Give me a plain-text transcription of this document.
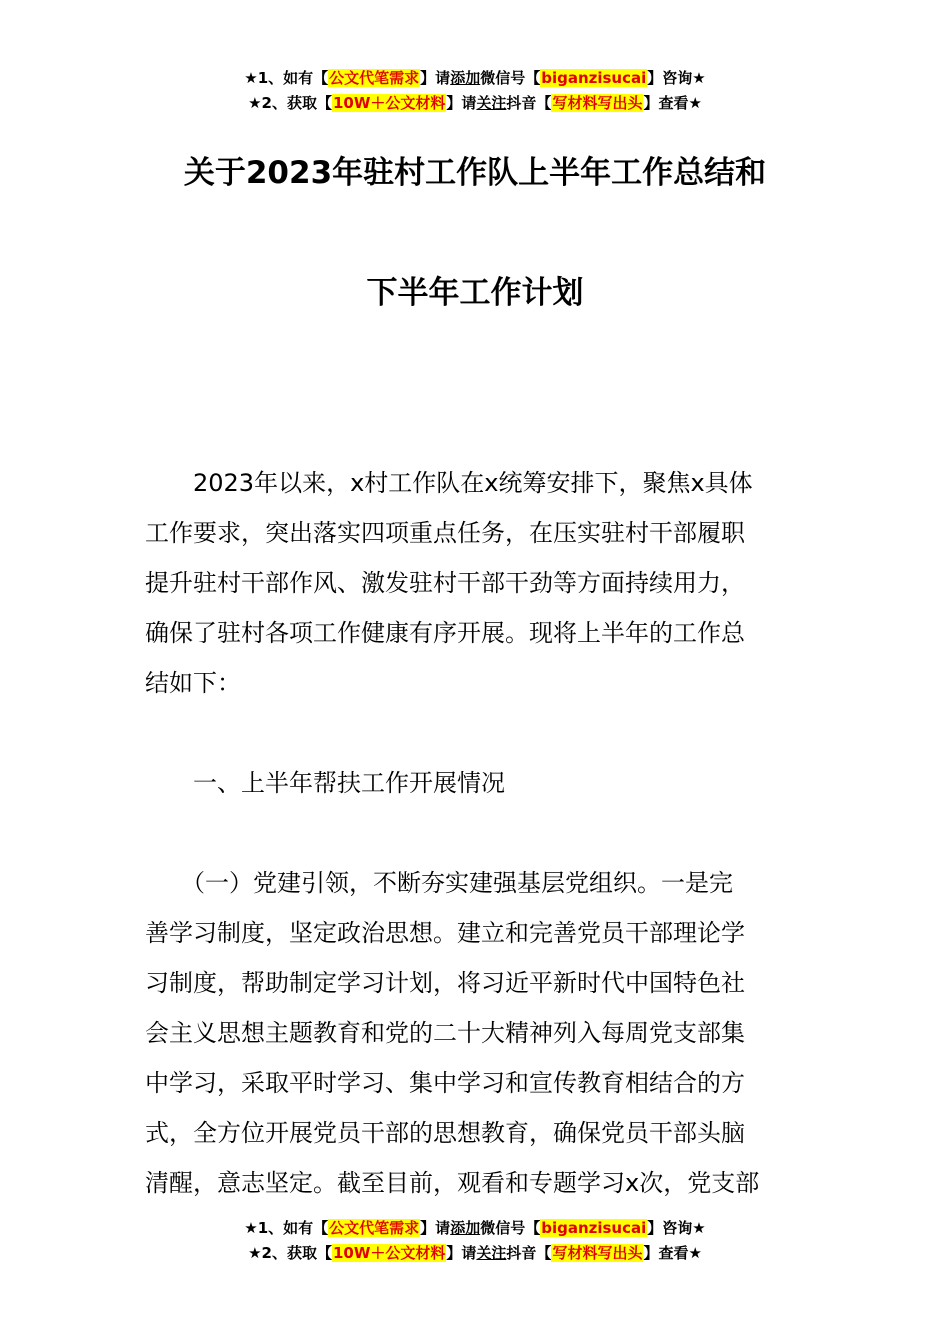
★1、如有【公文代笔需求】请添加微信号【biganzisucai】咨询★
★2、获取【10W＋公文材料】请关注抖音【写材料写出头】查看★
关于2023年驻村工作队上半年工作总结和
下半年工作计划
　　2023年以来，x村工作队在x统筹安排下，聚焦x具体
工作要求，突出落实四项重点任务，在压实驻村干部履职
提升驻村干部作风、激发驻村干部干劲等方面持续用力，
确保了驻村各项工作健康有序开展。现将上半年的工作总
结如下：
　　一、上半年帮扶工作开展情况
　　（一）党建引领，不断夯实建强基层党组织。一是完
善学习制度，坚定政治思想。建立和完善党员干部理论学
习制度，帮助制定学习计划，将习近平新时代中国特色社
会主义思想主题教育和党的二十大精神列入每周党支部集
中学习，采取平时学习、集中学习和宣传教育相结合的方
式，全方位开展党员干部的思想教育，确保党员干部头脑
清醒，意志坚定。截至目前，观看和专题学习x次，党支部
★1、如有【公文代笔需求】请添加微信号【biganzisucai】咨询★
★2、获取【10W＋公文材料】请关注抖音【写材料写出头】查看★
